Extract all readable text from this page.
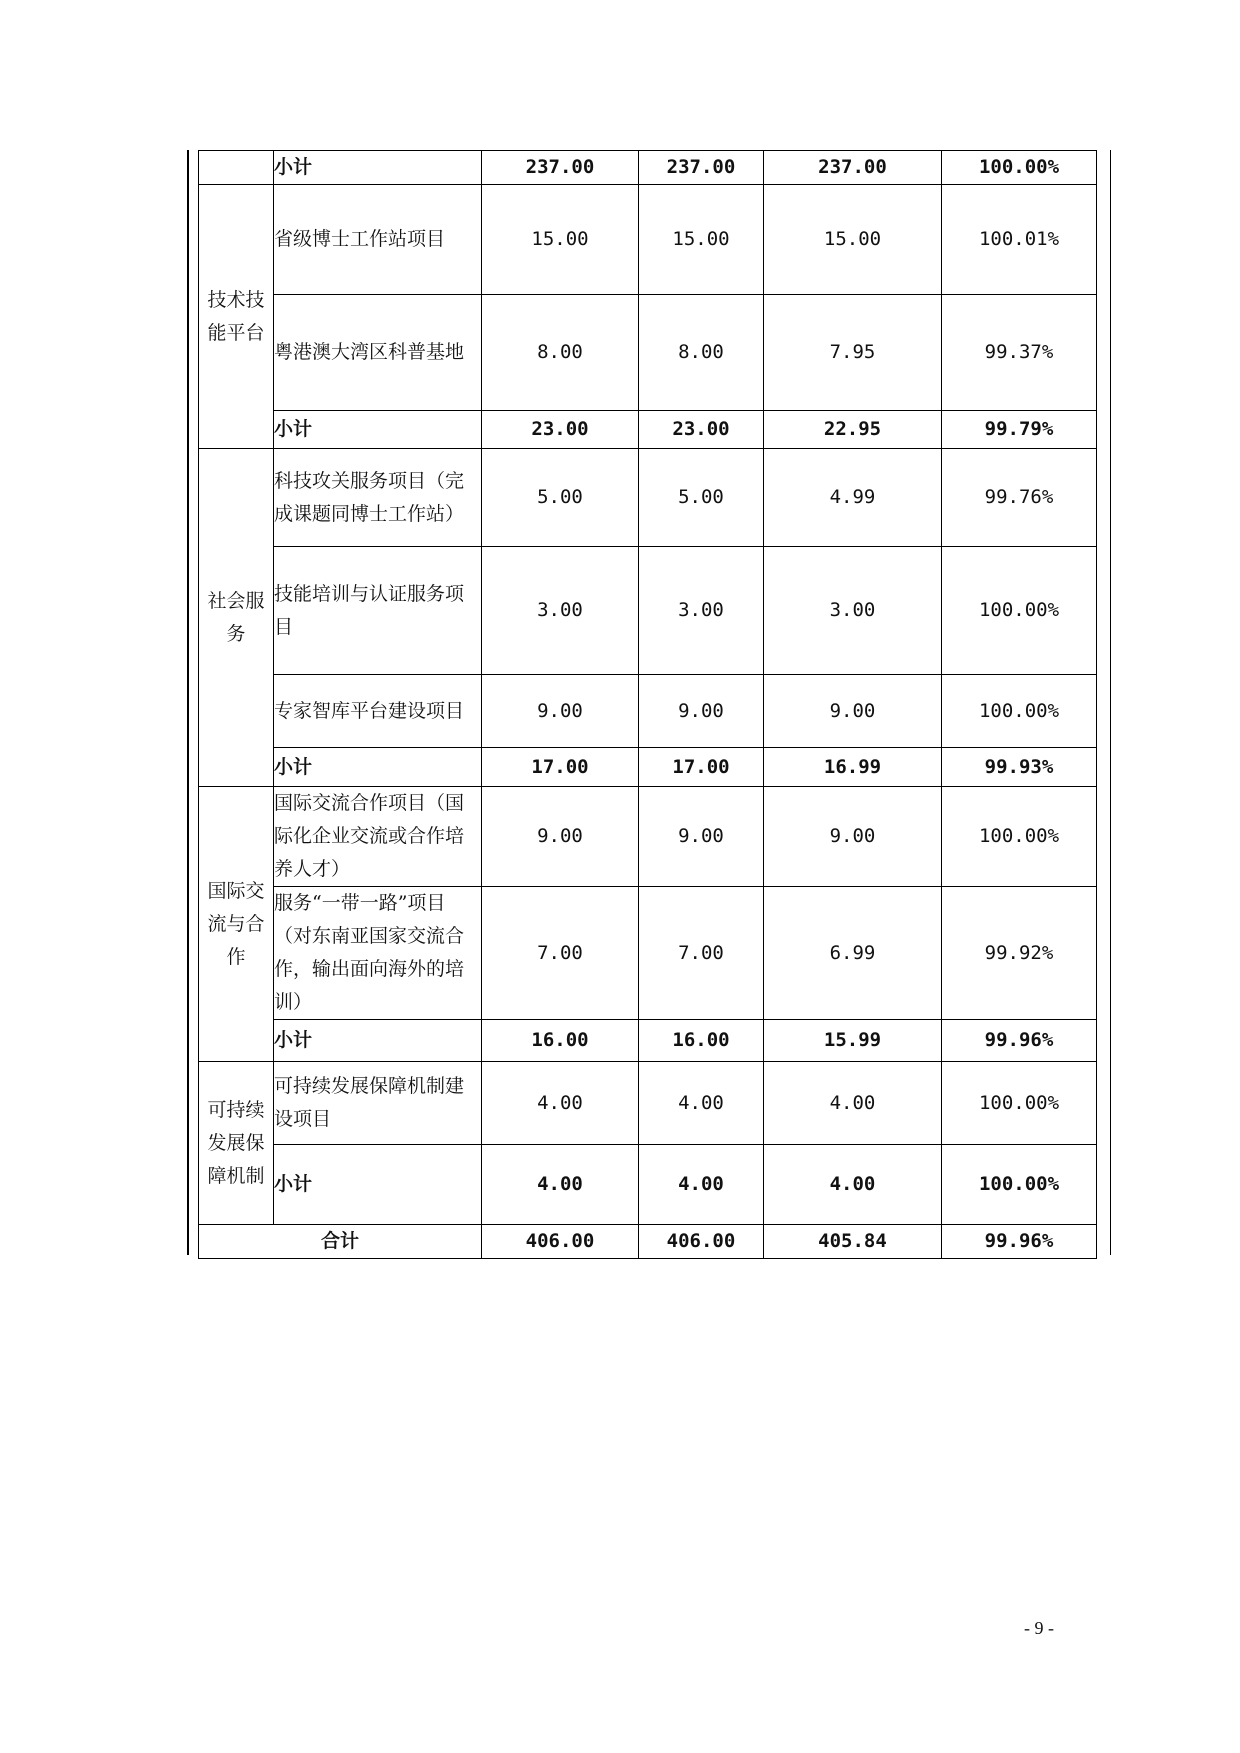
	小计	237.00	237.00	237.00	100.00%
技术技能平台	省级博士工作站项目	15.00	15.00	15.00	100.01%
	粤港澳大湾区科普基地	8.00	8.00	7.95	99.37%
	小计	23.00	23.00	22.95	99.79%
社会服务	科技攻关服务项目（完成课题同博士工作站）	5.00	5.00	4.99	99.76%
	技能培训与认证服务项目	3.00	3.00	3.00	100.00%
	专家智库平台建设项目	9.00	9.00	9.00	100.00%
	小计	17.00	17.00	16.99	99.93%
国际交流与合作	国际交流合作项目（国际化企业交流或合作培养人才）	9.00	9.00	9.00	100.00%
	服务“一带一路”项目（对东南亚国家交流合作，输出面向海外的培训）	7.00	7.00	6.99	99.92%
	小计	16.00	16.00	15.99	99.96%
可持续发展保障机制	可持续发展保障机制建设项目	4.00	4.00	4.00	100.00%
	小计	4.00	4.00	4.00	100.00%
合计		406.00	406.00	405.84	99.96%
- 9 -
